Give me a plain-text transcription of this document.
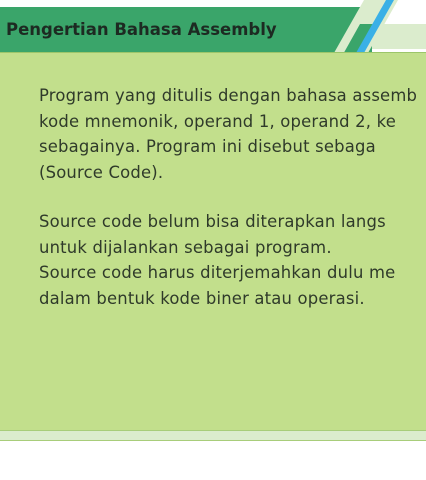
Pengertian Bahasa Assembly
Program yang ditulis dengan bahasa assemb
kode mnemonik, operand 1, operand 2, ke
sebagainya. Program ini disebut sebaga
(Source Code).
Source code belum bisa diterapkan langs
untuk dijalankan sebagai program.
Source code harus diterjemahkan dulu me
dalam bentuk kode biner atau operasi.
